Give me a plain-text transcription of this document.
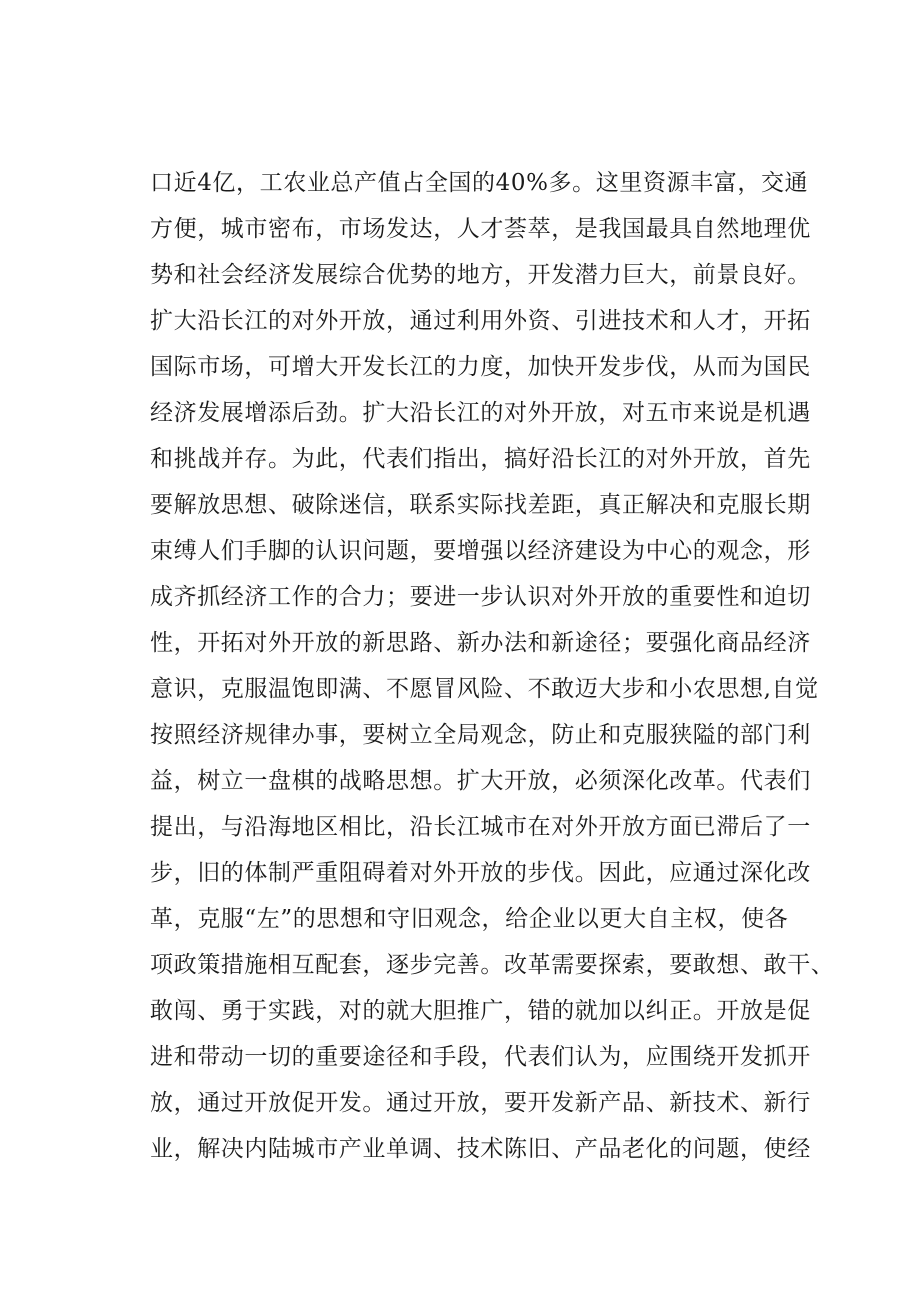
口近4亿，工农业总产值占全国的40%多。这里资源丰富，交通
方便，城市密布，市场发达，人才荟萃，是我国最具自然地理优
势和社会经济发展综合优势的地方，开发潜力巨大，前景良好。
扩大沿长江的对外开放，通过利用外资、引进技术和人才，开拓
国际市场，可增大开发长江的力度，加快开发步伐，从而为国民
经济发展增添后劲。扩大沿长江的对外开放，对五市来说是机遇
和挑战并存。为此，代表们指出，搞好沿长江的对外开放，首先
要解放思想、破除迷信，联系实际找差距，真正解决和克服长期
束缚人们手脚的认识问题，要增强以经济建设为中心的观念，形
成齐抓经济工作的合力；要进一步认识对外开放的重要性和迫切
性，开拓对外开放的新思路、新办法和新途径；要强化商品经济
意识，克服温饱即满、不愿冒风险、不敢迈大步和小农思想,自觉
按照经济规律办事，要树立全局观念，防止和克服狭隘的部门利
益，树立一盘棋的战略思想。扩大开放，必须深化改革。代表们
提出，与沿海地区相比，沿长江城市在对外开放方面已滞后了一
步，旧的体制严重阻碍着对外开放的步伐。因此，应通过深化改
革，克服“左”的思想和守旧观念，给企业以更大自主权，使各
项政策措施相互配套，逐步完善。改革需要探索，要敢想、敢干、
敢闯、勇于实践，对的就大胆推广，错的就加以纠正。开放是促
进和带动一切的重要途径和手段，代表们认为，应围绕开发抓开
放，通过开放促开发。通过开放，要开发新产品、新技术、新行
业，解决内陆城市产业单调、技术陈旧、产品老化的问题，使经
